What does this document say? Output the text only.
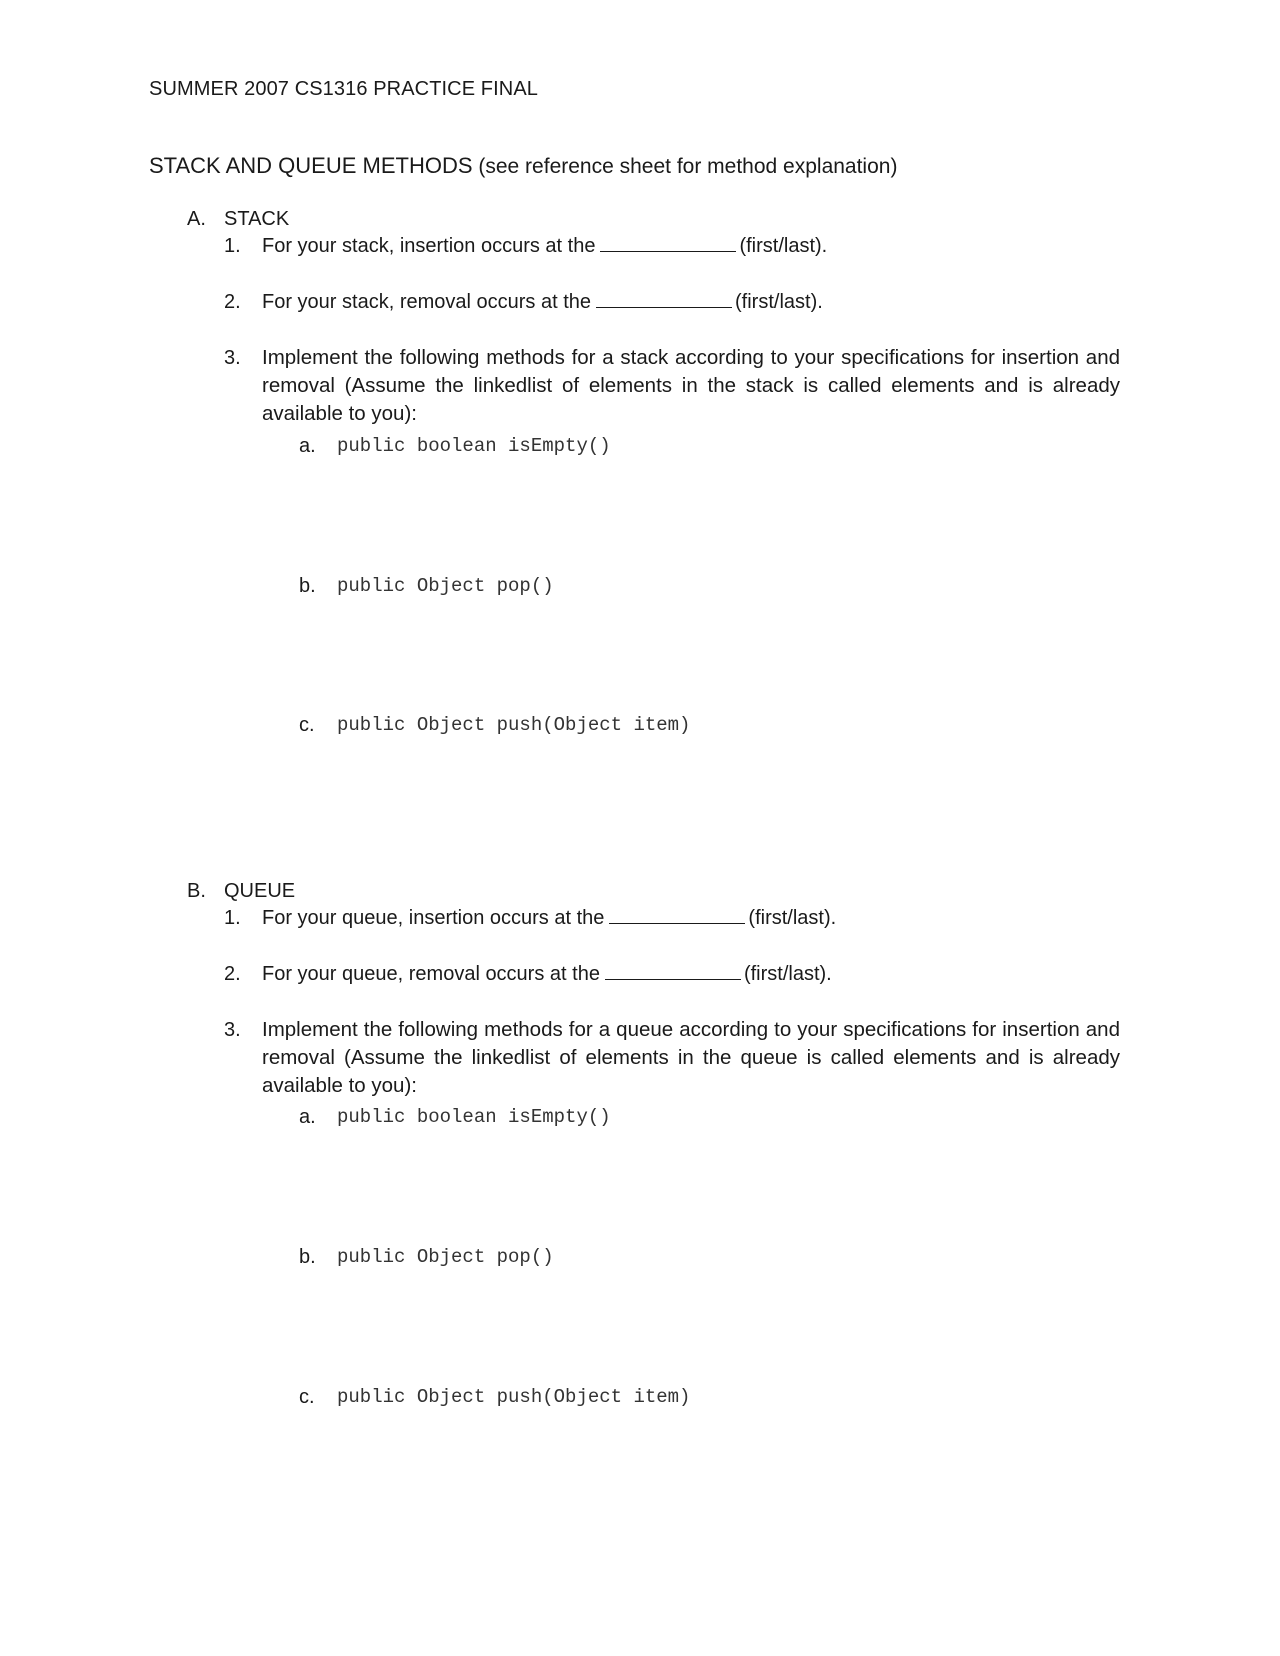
SUMMER 2007 CS1316 PRACTICE FINAL
STACK AND QUEUE METHODS (see reference sheet for method explanation)
A. STACK
1. For your stack, insertion occurs at the	(first/last).
2. For your stack, removal occurs at the	(first/last).
3. Implement the following methods for a stack according to your specifications for insertion and removal (Assume the linkedlist of elements in the stack is called elements and is already available to you):
a. public boolean isEmpty()
b. public Object pop()
c. public Object push(Object item)
B. QUEUE
1. For your queue, insertion occurs at the	(first/last).
2. For your queue, removal occurs at the	(first/last).
3. Implement the following methods for a queue according to your specifications for insertion and removal (Assume the linkedlist of elements in the queue is called elements and is already available to you):
a. public boolean isEmpty()
b. public Object pop()
c. public Object push(Object item)
